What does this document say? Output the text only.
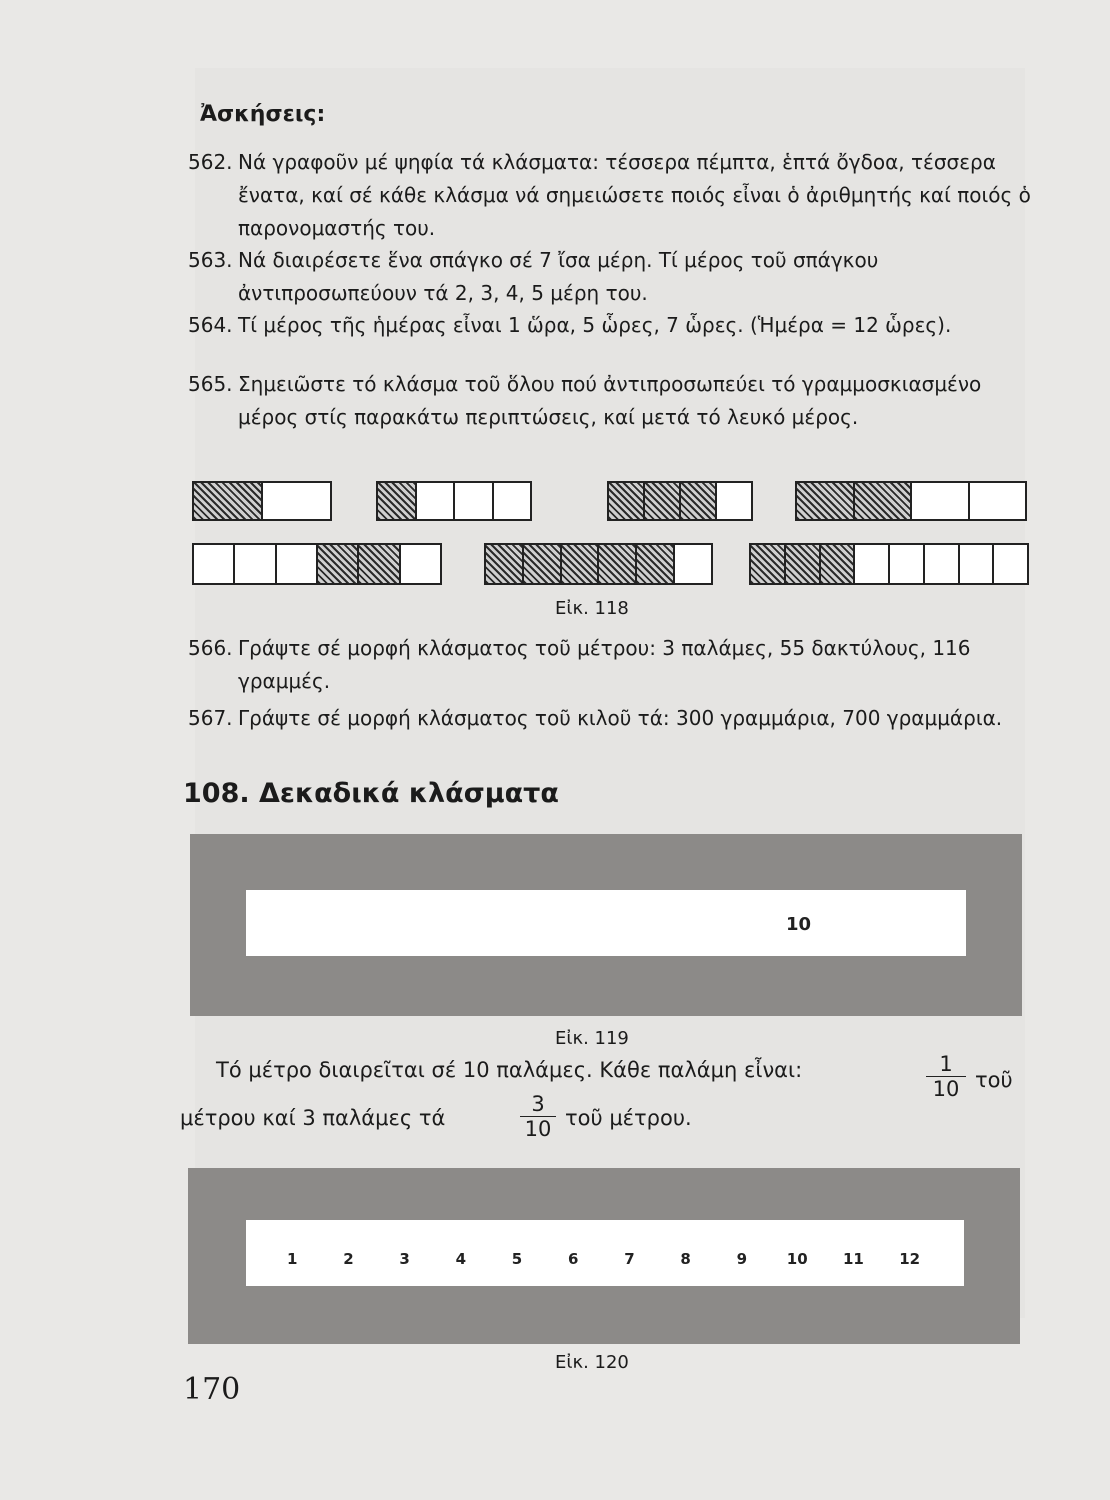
Ἀσκήσεις:
562. Νά γραφοῦν μέ ψηφία τά κλάσματα: τέσσερα πέμπτα, ἑπτά ὄγδοα, τέσσερα ἔνατα, καί σέ κάθε κλάσμα νά σημειώσετε ποιός εἶναι ὁ ἀριθμητής καί ποιός ὁ παρονομαστής του.
563. Νά διαιρέσετε ἕνα σπάγκο σέ 7 ἴσα μέρη. Τί μέρος τοῦ σπάγκου ἀντιπροσωπεύουν τά 2, 3, 4, 5 μέρη του.
564. Τί μέρος τῆς ἡμέρας εἶναι 1 ὥρα, 5 ὧρες, 7 ὧρες. (Ἡμέρα = 12 ὧρες).
565. Σημειῶστε τό κλάσμα τοῦ ὅλου πού ἀντιπροσωπεύει τό γραμμοσκιασμένο μέρος στίς παρακάτω περιπτώσεις, καί μετά τό λευκό μέρος.
Εἰκ. 118
566. Γράψτε σέ μορφή κλάσματος τοῦ μέτρου: 3 παλάμες, 55 δακτύλους, 116 γραμμές.
567. Γράψτε σέ μορφή κλάσματος τοῦ κιλοῦ τά: 300 γραμμάρια, 700 γραμμάρια.
108. Δεκαδικά κλάσματα
10
Εἰκ. 119
Τό μέτρο διαιρεῖται σέ 10 παλάμες. Κάθε παλάμη εἶναι:	1
10 τοῦ
μέτρου καί 3 παλάμες τά
3
10 τοῦ μέτρου.
1	2	3	4	5	6	7	8	9	10 11 12
Εἰκ. 120
170
